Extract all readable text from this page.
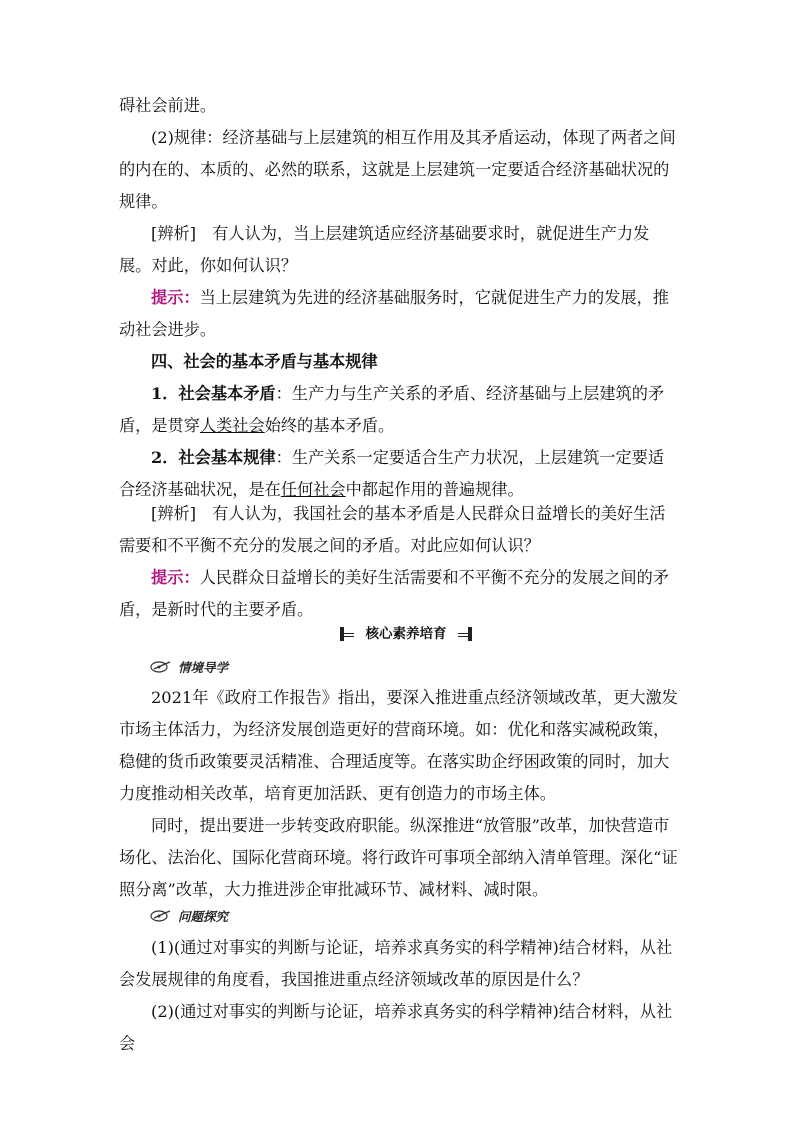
碍社会前进。

(2)规律：经济基础与上层建筑的相互作用及其矛盾运动，体现了两者之间的内在的、本质的、必然的联系，这就是上层建筑一定要适合经济基础状况的规律。

[辨析]　有人认为，当上层建筑适应经济基础要求时，就促进生产力发展。对此，你如何认识？

提示：当上层建筑为先进的经济基础服务时，它就促进生产力的发展，推动社会进步。

四、社会的基本矛盾与基本规律

1．社会基本矛盾：生产力与生产关系的矛盾、经济基础与上层建筑的矛盾，是贯穿人类社会始终的基本矛盾。

2．社会基本规律：生产关系一定要适合生产力状况，上层建筑一定要适合经济基础状况，是在任何社会中都起作用的普遍规律。

[辨析]　有人认为，我国社会的基本矛盾是人民群众日益增长的美好生活需要和不平衡不充分的发展之间的矛盾。对此应如何认识？

提示：人民群众日益增长的美好生活需要和不平衡不充分的发展之间的矛盾，是新时代的主要矛盾。

核心素养培育
情境导学

2021年《政府工作报告》指出，要深入推进重点经济领域改革，更大激发市场主体活力，为经济发展创造更好的营商环境。如：优化和落实减税政策，稳健的货币政策要灵活精准、合理适度等。在落实助企纾困政策的同时，加大力度推动相关改革，培育更加活跃、更有创造力的市场主体。

同时，提出要进一步转变政府职能。纵深推进“放管服”改革，加快营造市场化、法治化、国际化营商环境。将行政许可事项全部纳入清单管理。深化“证照分离”改革，大力推进涉企审批减环节、减材料、减时限。

问题探究

(1)(通过对事实的判断与论证，培养求真务实的科学精神)结合材料，从社会发展规律的角度看，我国推进重点经济领域改革的原因是什么？

(2)(通过对事实的判断与论证，培养求真务实的科学精神)结合材料，从社会
